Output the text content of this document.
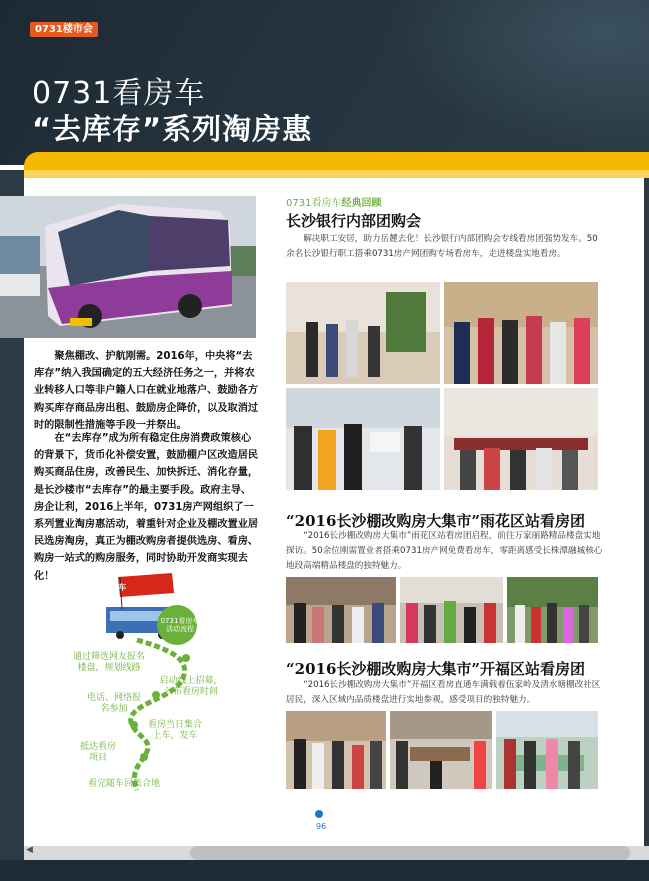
0731楼市会
0731看房车
“去库存”系列淘房惠
聚焦棚改、护航刚需。2016年，中央将“去库存”纳入我国确定的五大经济任务之一，并将农业转移人口等非户籍人口在就业地落户、鼓励各方购买库存商品房出租、鼓励房企降价，以及取消过时的限制性措施等手段一并祭出。
在“去库存”成为所有稳定住房消费政策核心的背景下，货币化补偿安置，鼓励棚户区改造居民购买商品住房，改善民生、加快拆迁、消化存量，是长沙楼市“去库存”的最主要手段。政府主导、房企让利，2016上半年，0731房产网组织了一系列置业淘房惠活动，着重针对企业及棚改置业居民选房淘房，真正为棚改购房者提供选房、看房、购房一站式的购房服务，同时协助开发商实现去化！
0731看房车
0731看房车
活动流程
通过筛选网友报名楼盘，规划线路
启动线上招募，公布看房时间
电话、网络报名参加
看房当日集合上车，发车
抵达看房项目
看完随车回集合地
0731看房车经典回顾
长沙银行内部团购会
解决职工安居，助力岳麓去化！长沙银行内部团购会专线看房团强势发车。50余名长沙银行职工搭乘0731房产网团购专场看房车，走进楼盘实地看房。
“2016长沙棚改购房大集市”雨花区站看房团
“2016长沙棚改购房大集市”雨花区站看房团启程，前往万家丽路精品楼盘实地探访。50余位刚需置业者搭乘0731房产网免费看房车，零距离感受长株潭融城核心地段高端精品楼盘的独特魅力。
“2016长沙棚改购房大集市”开福区站看房团
“2016长沙棚改购房大集市”开福区看房直通车满载着伍家岭及清水塘棚改社区居民，深入区域内品质楼盘进行实地参观，感受项目的独特魅力。
96
◀
